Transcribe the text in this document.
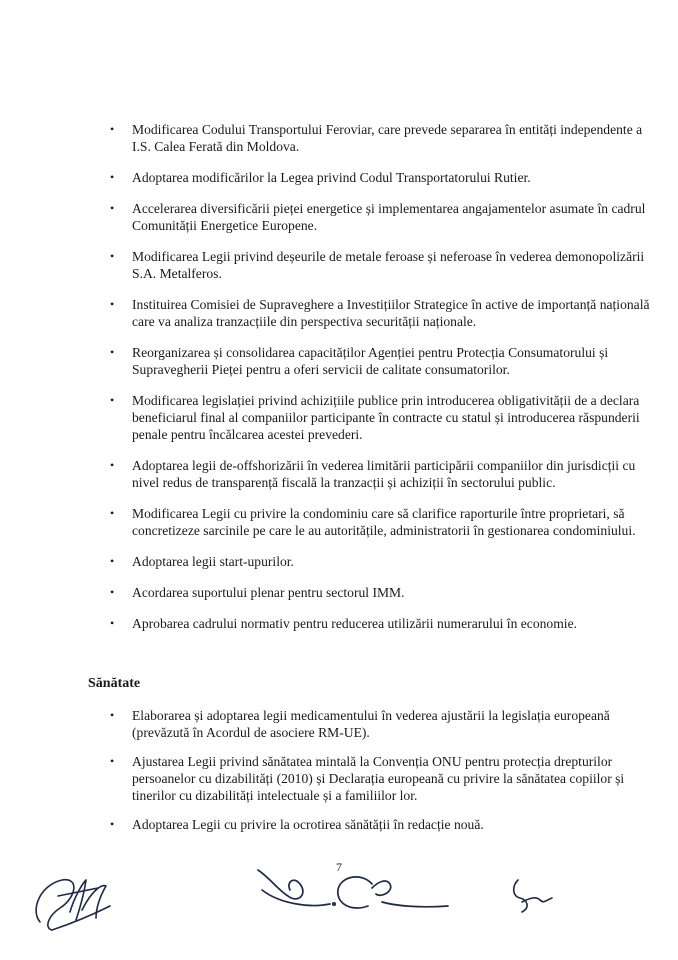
• Modificarea Codului Transportului Feroviar, care prevede separarea în entități independente a I.S. Calea Ferată din Moldova.
• Adoptarea modificărilor la Legea privind Codul Transportatorului Rutier.
• Accelerarea diversificării pieței energetice și implementarea angajamentelor asumate în cadrul Comunității Energetice Europene.
• Modificarea Legii privind deșeurile de metale feroase și neferoase în vederea demonopolizării S.A. Metalferos.
• Instituirea Comisiei de Supraveghere a Investițiilor Strategice în active de importanță națională care va analiza tranzacțiile din perspectiva securității naționale.
• Reorganizarea și consolidarea capacităților Agenției pentru Protecția Consumatorului și Supravegherii Pieței pentru a oferi servicii de calitate consumatorilor.
• Modificarea legislației privind achizițiile publice prin introducerea obligativității de a declara beneficiarul final al companiilor participante în contracte cu statul și introducerea răspunderii penale pentru încălcarea acestei prevederi.
• Adoptarea legii de-offshorizării în vederea limitării participării companiilor din jurisdicții cu nivel redus de transparență fiscală la tranzacții și achiziții în sectorului public.
• Modificarea Legii cu privire la condominiu care să clarifice raporturile între proprietari, să concretizeze sarcinile pe care le au autoritățile, administratorii în gestionarea condominiului.
• Adoptarea legii start-upurilor.
• Acordarea suportului plenar pentru sectorul IMM.
• Aprobarea cadrului normativ pentru reducerea utilizării numerarului în economie.
Sănătate
• Elaborarea și adoptarea legii medicamentului în vederea ajustării la legislația europeană (prevăzută în Acordul de asociere RM-UE).
• Ajustarea Legii privind sănătatea mintală la Convenția ONU pentru protecția drepturilor persoanelor cu dizabilități (2010) și Declarația europeană cu privire la sănătatea copiilor și tinerilor cu dizabilități intelectuale și a familiilor lor.
• Adoptarea Legii cu privire la ocrotirea sănătății în redacție nouă.
7
